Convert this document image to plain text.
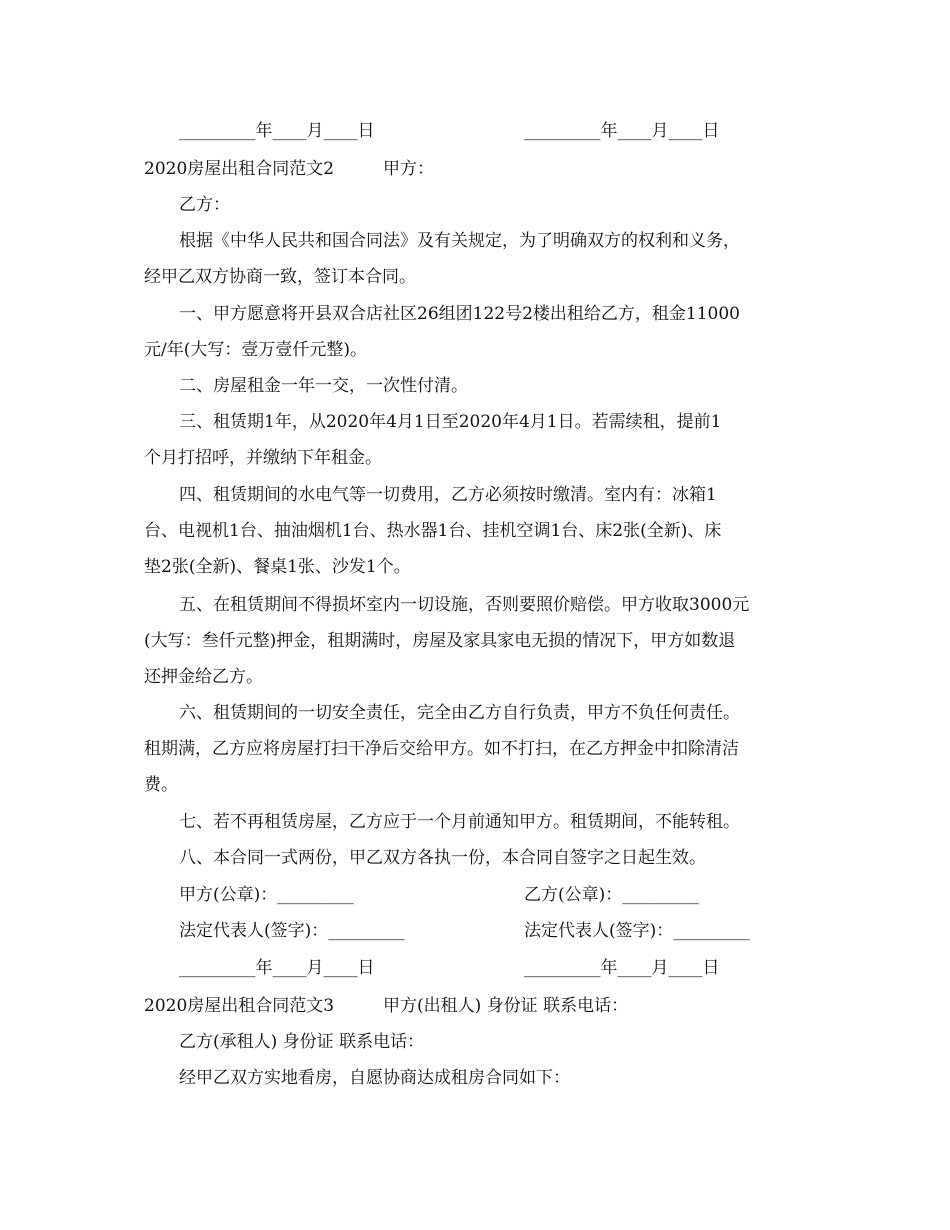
_________年____月____日	_________年____月____日
2020房屋出租合同范文2	甲方：
乙方：
根据《中华人民共和国合同法》及有关规定，为了明确双方的权利和义务，
经甲乙双方协商一致，签订本合同。
一、甲方愿意将开县双合店社区26组团122号2楼出租给乙方，租金11000
元/年(大写：壹万壹仟元整)。
二、房屋租金一年一交，一次性付清。
三、租赁期1年，从2020年4月1日至2020年4月1日。若需续租，提前1
个月打招呼，并缴纳下年租金。
四、租赁期间的水电气等一切费用，乙方必须按时缴清。室内有：冰箱1
台、电视机1台、抽油烟机1台、热水器1台、挂机空调1台、床2张(全新)、床
垫2张(全新)、餐桌1张、沙发1个。
五、在租赁期间不得损坏室内一切设施，否则要照价赔偿。甲方收取3000元
(大写：叁仟元整)押金，租期满时，房屋及家具家电无损的情况下，甲方如数退
还押金给乙方。
六、租赁期间的一切安全责任，完全由乙方自行负责，甲方不负任何责任。
租期满，乙方应将房屋打扫干净后交给甲方。如不打扫，在乙方押金中扣除清洁
费。
七、若不再租赁房屋，乙方应于一个月前通知甲方。租赁期间，不能转租。
八、本合同一式两份，甲乙双方各执一份，本合同自签字之日起生效。
甲方(公章)：_________	乙方(公章)：_________
法定代表人(签字)：_________	法定代表人(签字)：_________
_________年____月____日	_________年____月____日
2020房屋出租合同范文3	甲方(出租人) 身份证 联系电话：
乙方(承租人) 身份证 联系电话：
经甲乙双方实地看房，自愿协商达成租房合同如下：
